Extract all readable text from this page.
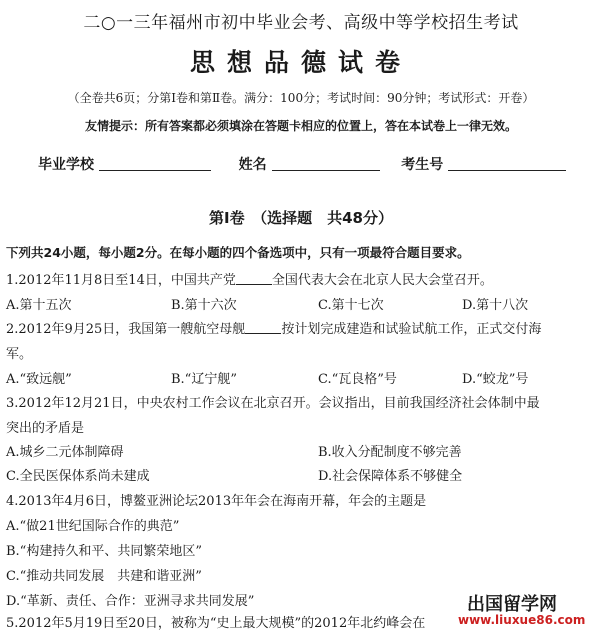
二○一三年福州市初中毕业会考、高级中等学校招生考试
思想品德试卷
（全卷共6页；分第Ⅰ卷和第Ⅱ卷。满分：100分；考试时间：90分钟；考试形式：开卷）
友情提示：所有答案都必须填涂在答题卡相应的位置上，答在本试卷上一律无效。
毕业学校	姓名	考生号
第Ⅰ卷　（选择题　共48分）
下列共24小题，每小题2分。在每小题的四个备选项中，只有一项最符合题目要求。
1.2012年11月8日至14日，中国共产党	全国代表大会在北京人民大会堂召开。
A.第十五次	B.第十六次	C.第十七次	D.第十八次
2.2012年9月25日，我国第一艘航空母舰	按计划完成建造和试验试航工作，正式交付海
军。
A.“致远舰”	B.“辽宁舰”	C.“瓦良格”号	D.“蛟龙”号
3.2012年12月21日，中央农村工作会议在北京召开。会议指出，目前我国经济社会体制中最
突出的矛盾是
A.城乡二元体制障碍	B.收入分配制度不够完善
C.全民医保体系尚未建成	D.社会保障体系不够健全
4.2013年4月6日，博鳌亚洲论坛2013年年会在海南开幕，年会的主题是
A.“做21世纪国际合作的典范”
B.“构建持久和平、共同繁荣地区”
C.“推动共同发展　共建和谐亚洲”
D.“革新、责任、合作：亚洲寻求共同发展”
5.2012年5月19日至20日，被称为“史上最大规模”的2012年北约峰会在
出国留学网
www.liuxue86.com
